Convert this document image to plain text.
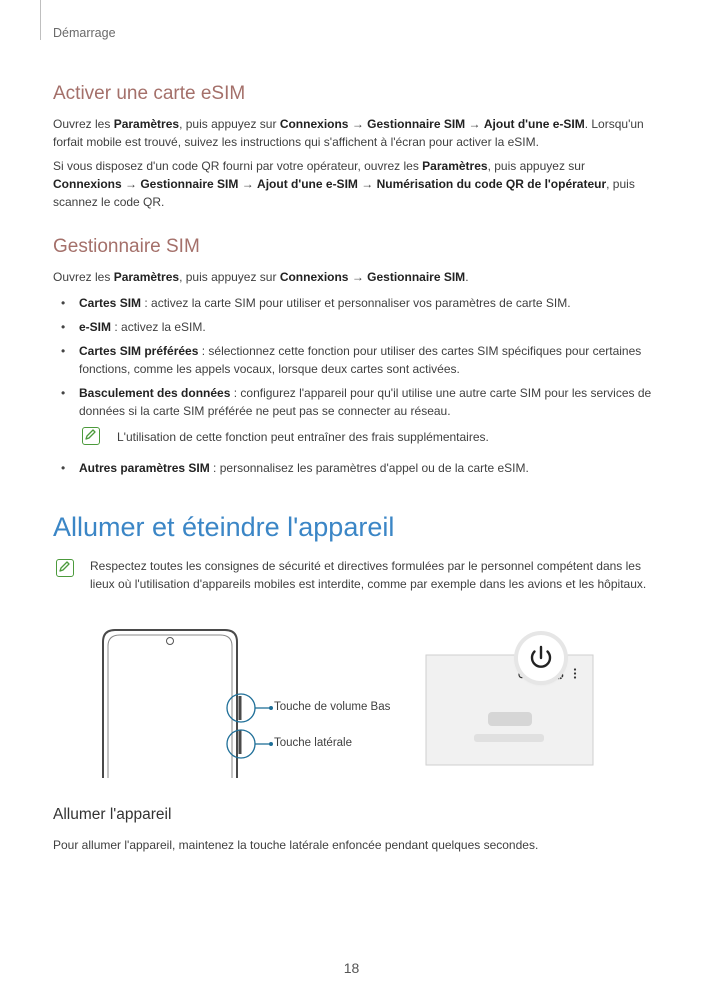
Démarrage
Activer une carte eSIM

Ouvrez les Paramètres, puis appuyez sur Connexions → Gestionnaire SIM → Ajout d'une e-SIM. Lorsqu'un forfait mobile est trouvé, suivez les instructions qui s'affichent à l'écran pour activer la eSIM.

Si vous disposez d'un code QR fourni par votre opérateur, ouvrez les Paramètres, puis appuyez sur Connexions → Gestionnaire SIM → Ajout d'une e-SIM → Numérisation du code QR de l'opérateur, puis scannez le code QR.

Gestionnaire SIM

Ouvrez les Paramètres, puis appuyez sur Connexions → Gestionnaire SIM.

• Cartes SIM : activez la carte SIM pour utiliser et personnaliser vos paramètres de carte SIM.
• e-SIM : activez la eSIM.
• Cartes SIM préférées : sélectionnez cette fonction pour utiliser des cartes SIM spécifiques pour certaines fonctions, comme les appels vocaux, lorsque deux cartes sont activées.
• Basculement des données : configurez l'appareil pour qu'il utilise une autre carte SIM pour les services de données si la carte SIM préférée ne peut pas se connecter au réseau.

L'utilisation de cette fonction peut entraîner des frais supplémentaires.

• Autres paramètres SIM : personnalisez les paramètres d'appel ou de la carte eSIM.
Allumer et éteindre l'appareil

Respectez toutes les consignes de sécurité et directives formulées par le personnel compétent dans les lieux où l'utilisation d'appareils mobiles est interdite, comme par exemple dans les avions et les hôpitaux.

Touche de volume Bas
Touche latérale
Allumer l'appareil

Pour allumer l'appareil, maintenez la touche latérale enfoncée pendant quelques secondes.

18
